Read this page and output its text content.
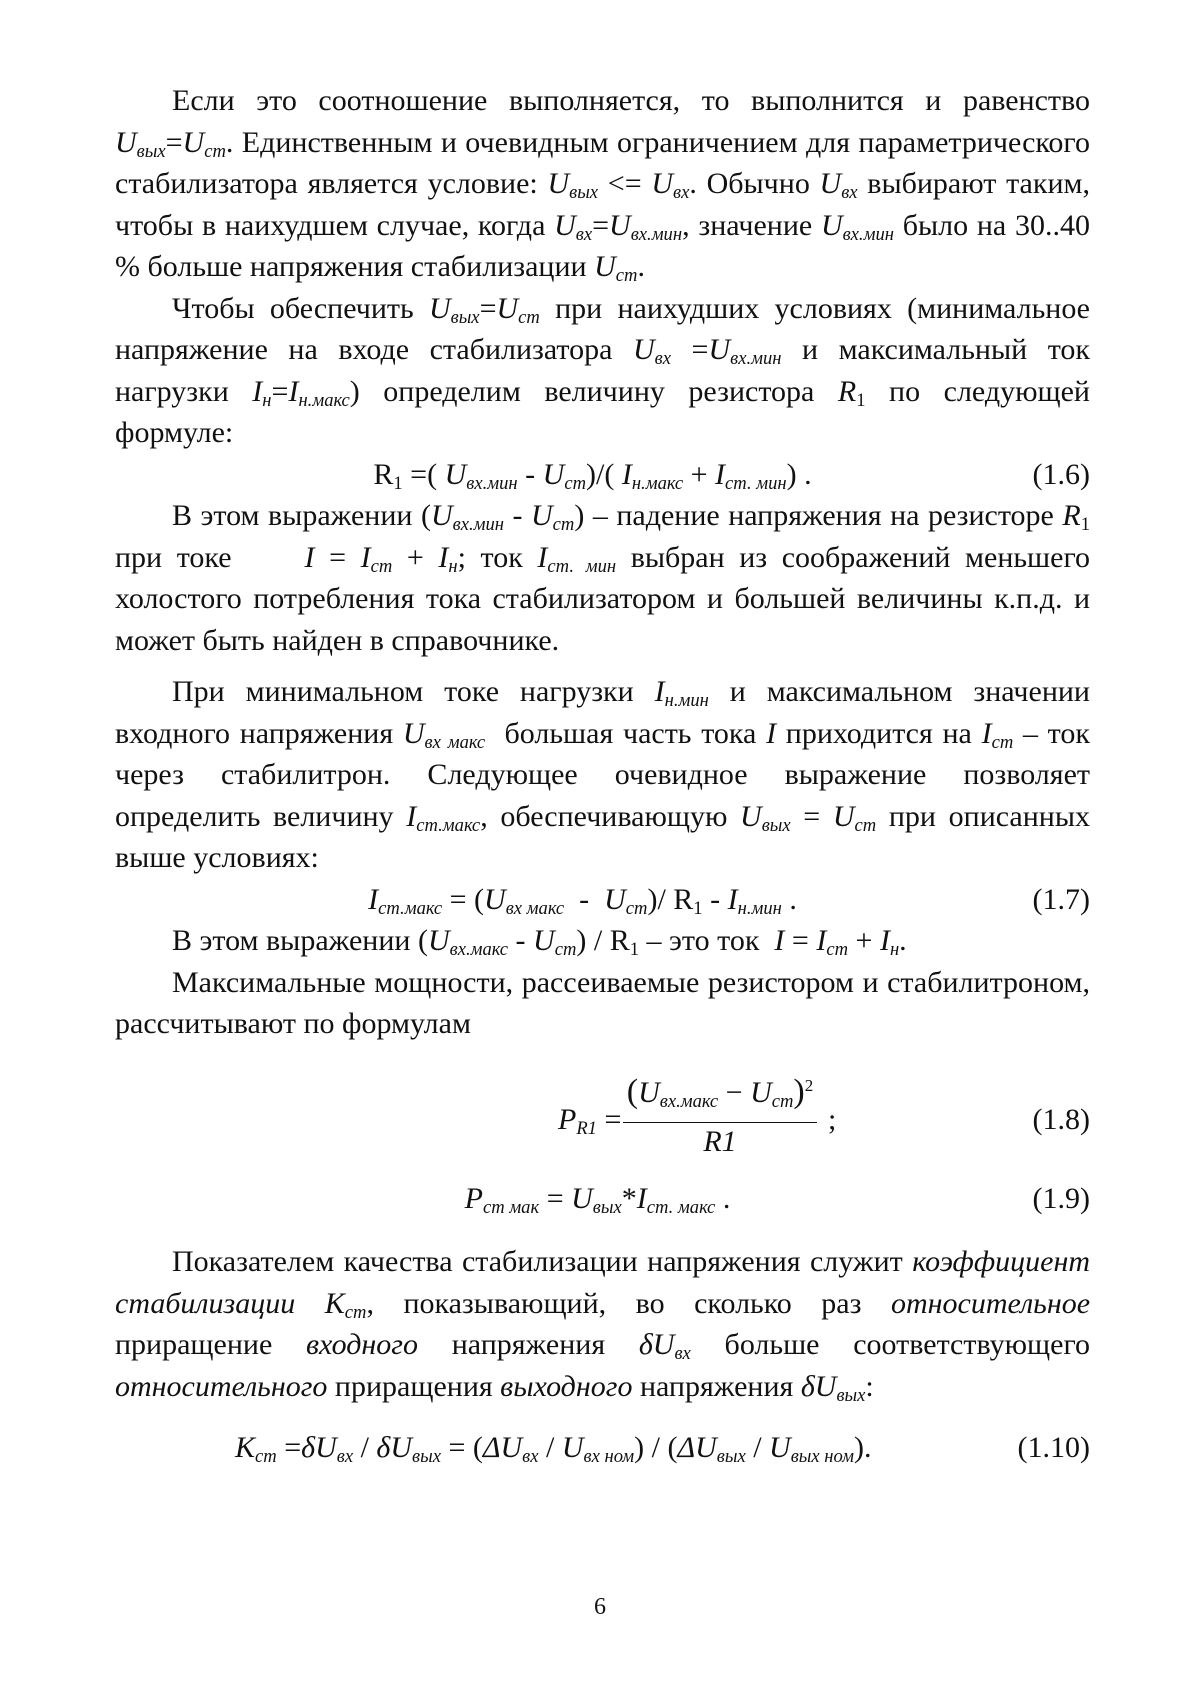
Если это соотношение выполняется, то выполнится и равенство $U_{вых}=U_{ст}$. Единственным и очевидным ограничением для параметрического стабилизатора является условие: $U_{вых} <= U_{вх}$. Обычно $U_{вх}$ выбирают таким, чтобы в наихудшем случае, когда $U_{вх}=U_{вх.мин}$, значение $U_{вх.мин}$ было на 30..40 % больше напряжения стабилизации $U_{ст}$.

Чтобы обеспечить $U_{вых}=U_{ст}$ при наихудших условиях (минимальное напряжение на входе стабилизатора $U_{вх} =U_{вх.мин}$ и максимальный ток нагрузки $I_н=I_{н.макс}$) определим величину резистора $R_1$ по следующей формуле:

$R_1$ =( $U_{вх.мин} - U_{ст})/$( $I_{н.макс} + I_{ст. мин}$) .	(1.6)

В этом выражении $(U_{вх.мин} - U_{ст})$ – падение напряжения на резисторе $R_1$ при токе     $I = I_{ст} + I_н$; ток $I_{ст. мин}$ выбран из соображений меньшего холостого потребления тока стабилизатором и большей величины к.п.д. и может быть найден в справочнике.

При минимальном токе нагрузки $I_{н.мин}$ и максимальном значении входного напряжения $U_{вх макс}$  большая часть тока I приходится на $I_{ст}$ – ток через стабилитрон. Следующее очевидное выражение позволяет определить величину $I_{ст.макс}$, обеспечивающую $U_{вых} = U_{ст}$ при описанных выше условиях:

$I_{ст.макс} = (U_{вх макс} - U_{ст})/$ $R_1 - I_{н.мин}$ .	(1.7)

В этом выражении $(U_{вх.макс} - U_{ст}) / R_1$ – это ток  $I = I_{ст} + I_н$.

Максимальные мощности, рассеиваемые резистором и стабилитроном, рассчитывают по формулам

$P_{R1}$ =
$(U_{вх.макс} - U_{ст})^2$
R1
;	(1.8)
$P_{ст мак} = U_{вых}*I_{ст. макс}$ .	(1.9)

Показателем качества стабилизации напряжения служит коэффициент стабилизации $K_{ст}$, показывающий, во сколько раз относительное приращение входного напряжения $\delta U_{вх}$ больше соответствующего относительного приращения выходного напряжения $\delta U_{вых}$:

$K_{ст} =\delta U_{вх} / \delta U_{вых} = (\Delta U_{вх} / U_{вх ном}) / (\Delta U_{вых} / U_{вых ном})$.	(1.10)
6
